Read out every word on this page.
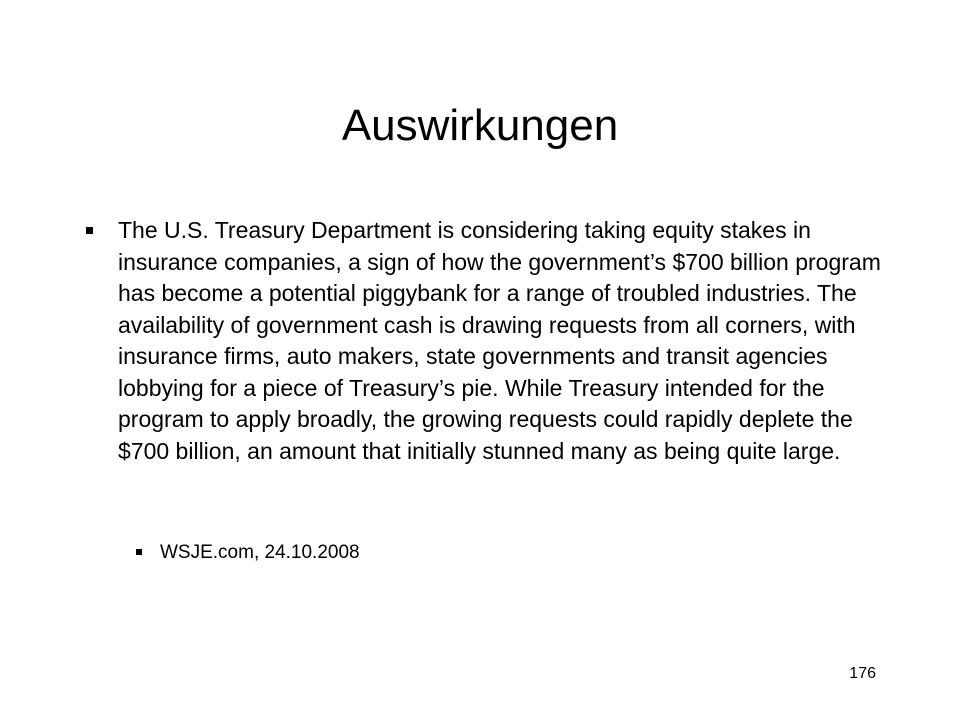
Auswirkungen

The U.S. Treasury Department is considering taking equity stakes in insurance companies, a sign of how the government’s $700 billion program has become a potential piggybank for a range of troubled industries. The availability of government cash is drawing requests from all corners, with insurance firms, auto makers, state governments and transit agencies lobbying for a piece of Treasury’s pie. While Treasury intended for the program to apply broadly, the growing requests could rapidly deplete the $700 billion, an amount that initially stunned many as being quite large.

WSJE.com, 24.10.2008

176
